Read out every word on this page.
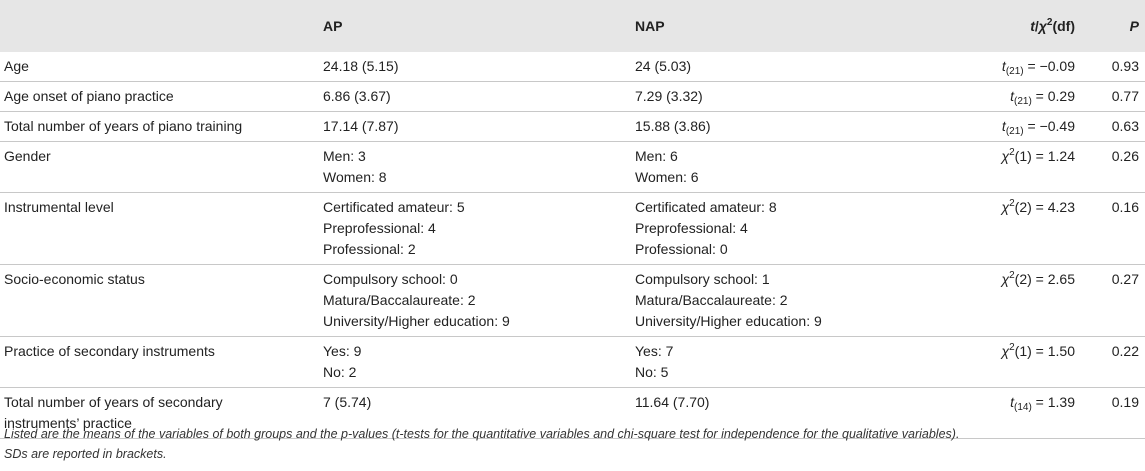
	AP	NAP	$t/\chi^2(df)$	P

Age	24.18 (5.15)	24 (5.03)	$t_{(21)} = -0.09$	0.93

Age onset of piano practice	6.86 (3.67)	7.29 (3.32)	$t_{(21)} = 0.29$	0.77

Total number of years of piano training	17.14 (7.87)	15.88 (3.86)	$t_{(21)} = -0.49$	0.63

Gender	Men: 3
Women: 8	Men: 6
Women: 6	$\chi^2(1) = 1.24$	0.26

Instrumental level	Certificated amateur: 5
Preprofessional: 4
Professional: 2	Certificated amateur: 8
Preprofessional: 4
Professional: 0	$\chi^2(2) = 4.23$	0.16

Socio-economic status	Compulsory school: 0
Matura/Baccalaureate: 2
University/Higher education: 9	Compulsory school: 1
Matura/Baccalaureate: 2
University/Higher education: 9	$\chi^2(2) = 2.65$	0.27

Practice of secondary instruments	Yes: 9
No: 2	Yes: 7
No: 5	$\chi^2(1) = 1.50$	0.22

Total number of years of secondary
instruments’ practice	7 (5.74)	11.64 (7.70)	$t_{(14)} = 1.39$	0.19
Listed are the means of the variables of both groups and the p-values (t-tests for the quantitative variables and chi-square test for independence for the qualitative variables).
SDs are reported in brackets.
